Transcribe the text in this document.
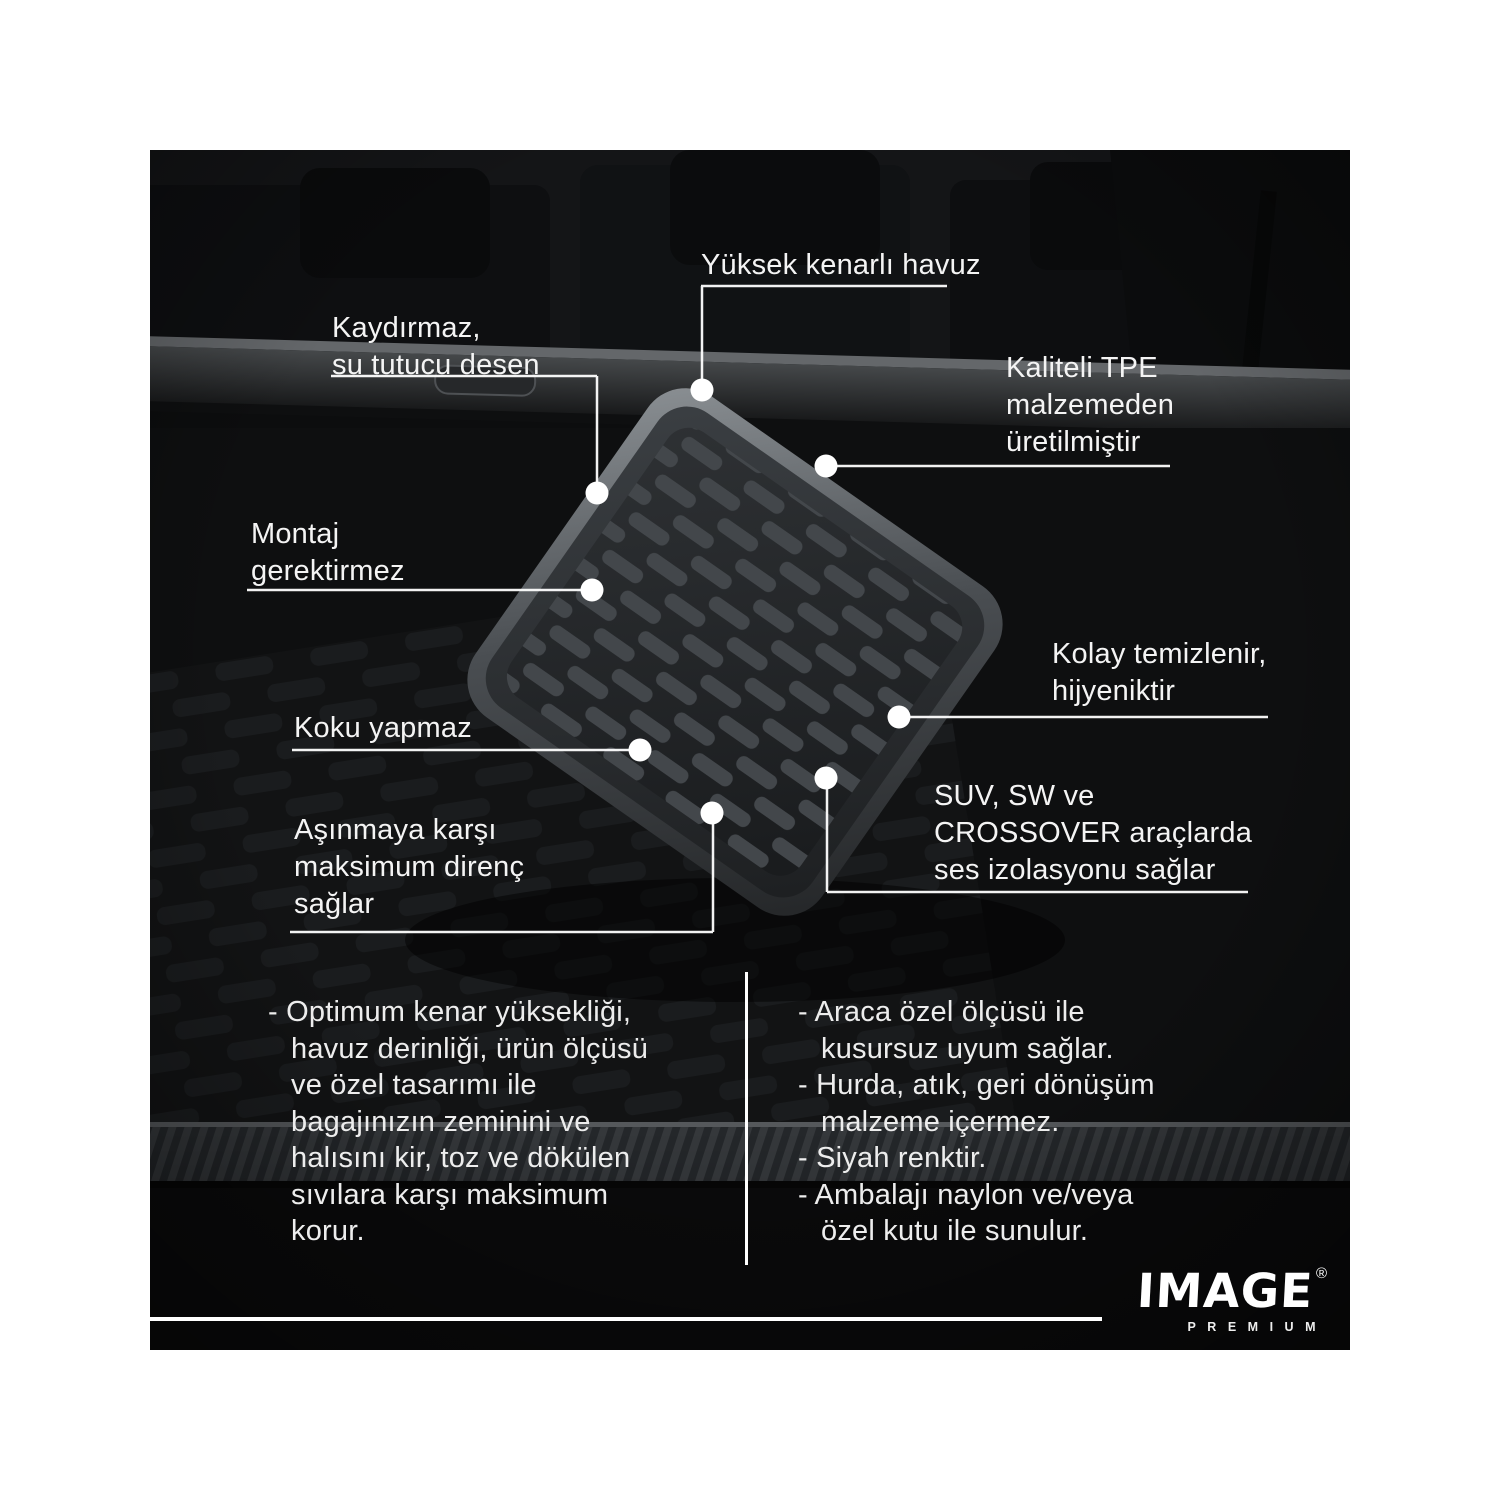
Yüksek kenarlı havuz
Kaydırmaz,
su tutucu desen	Kaliteli TPE
malzemeden
üretilmiştir
Montaj
gerektirmez
Koku yapmaz
Kolay temizlenir,
hijyeniktir
SUV, SW ve
CROSSOVER araçlarda
ses izolasyonu sağlar
Aşınmaya karşı
maksimum direnç
sağlar
- Optimum kenar yüksekliği,
havuz derinliği, ürün ölçüsü
ve özel tasarımı ile
bagajınızın zeminini ve
halısını kir, toz ve dökülen
sıvılara karşı maksimum
korur.
- Araca özel ölçüsü ile
kusursuz uyum sağlar.
- Hurda, atık, geri dönüşüm
malzeme içermez.
- Siyah renktir.
- Ambalajı naylon ve/veya
özel kutu ile sunulur.
IMAGE ®
PREMIUM
